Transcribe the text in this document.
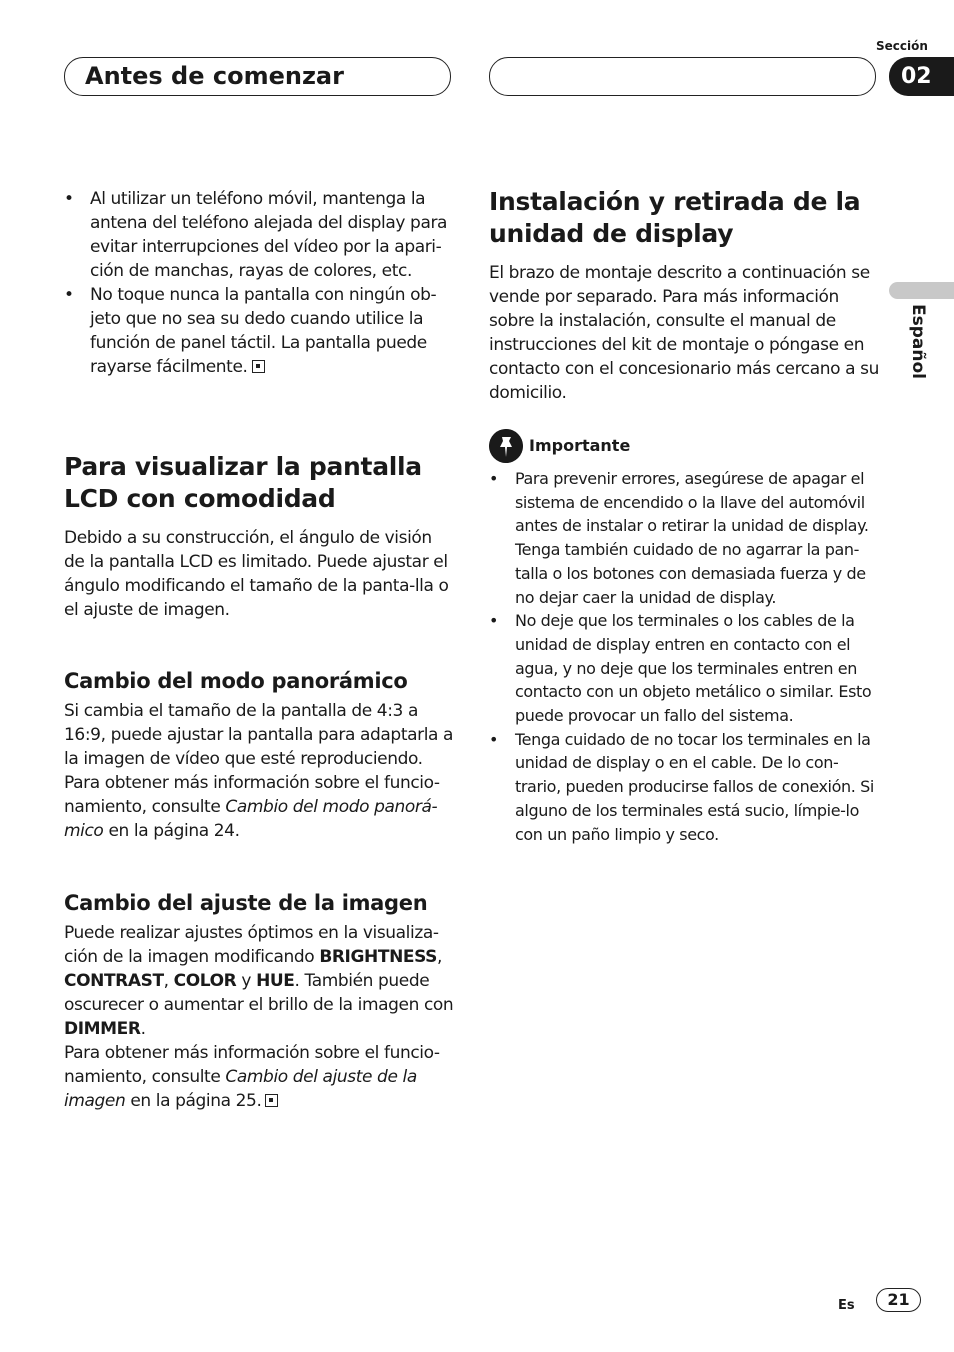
Sección
Antes de comenzar	02
Español
• Al utilizar un teléfono móvil, mantenga la antena del teléfono alejada del display para evitar interrupciones del vídeo por la apari-ción de manchas, rayas de colores, etc.
• No toque nunca la pantalla con ningún ob-jeto que no sea su dedo cuando utilice la función de panel táctil. La pantalla puede rayarse fácilmente.
Para visualizar la pantalla LCD con comodidad
Debido a su construcción, el ángulo de visión de la pantalla LCD es limitado. Puede ajustar el ángulo modificando el tamaño de la panta-lla o el ajuste de imagen.
Cambio del modo panorámico
Si cambia el tamaño de la pantalla de 4:3 a 16:9, puede ajustar la pantalla para adaptarla a la imagen de vídeo que esté reproduciendo. Para obtener más información sobre el funcio-namiento, consulte Cambio del modo panorá-mico en la página 24.
Cambio del ajuste de la imagen
Puede realizar ajustes óptimos en la visualiza-ción de la imagen modificando BRIGHTNESS, CONTRAST, COLOR y HUE. También puede oscurecer o aumentar el brillo de la imagen con DIMMER.
Para obtener más información sobre el funcio-namiento, consulte Cambio del ajuste de la imagen en la página 25.
Instalación y retirada de la unidad de display
El brazo de montaje descrito a continuación se vende por separado. Para más información sobre la instalación, consulte el manual de instrucciones del kit de montaje o póngase en contacto con el concesionario más cercano a su domicilio.
Importante
• Para prevenir errores, asegúrese de apagar el sistema de encendido o la llave del automóvil antes de instalar o retirar la unidad de display. Tenga también cuidado de no agarrar la pan-talla o los botones con demasiada fuerza y de no dejar caer la unidad de display.
• No deje que los terminales o los cables de la unidad de display entren en contacto con el agua, y no deje que los terminales entren en contacto con un objeto metálico o similar. Esto puede provocar un fallo del sistema.
• Tenga cuidado de no tocar los terminales en la unidad de display o en el cable. De lo con-trario, pueden producirse fallos de conexión. Si alguno de los terminales está sucio, límpie-lo con un paño limpio y seco.
Es	21
